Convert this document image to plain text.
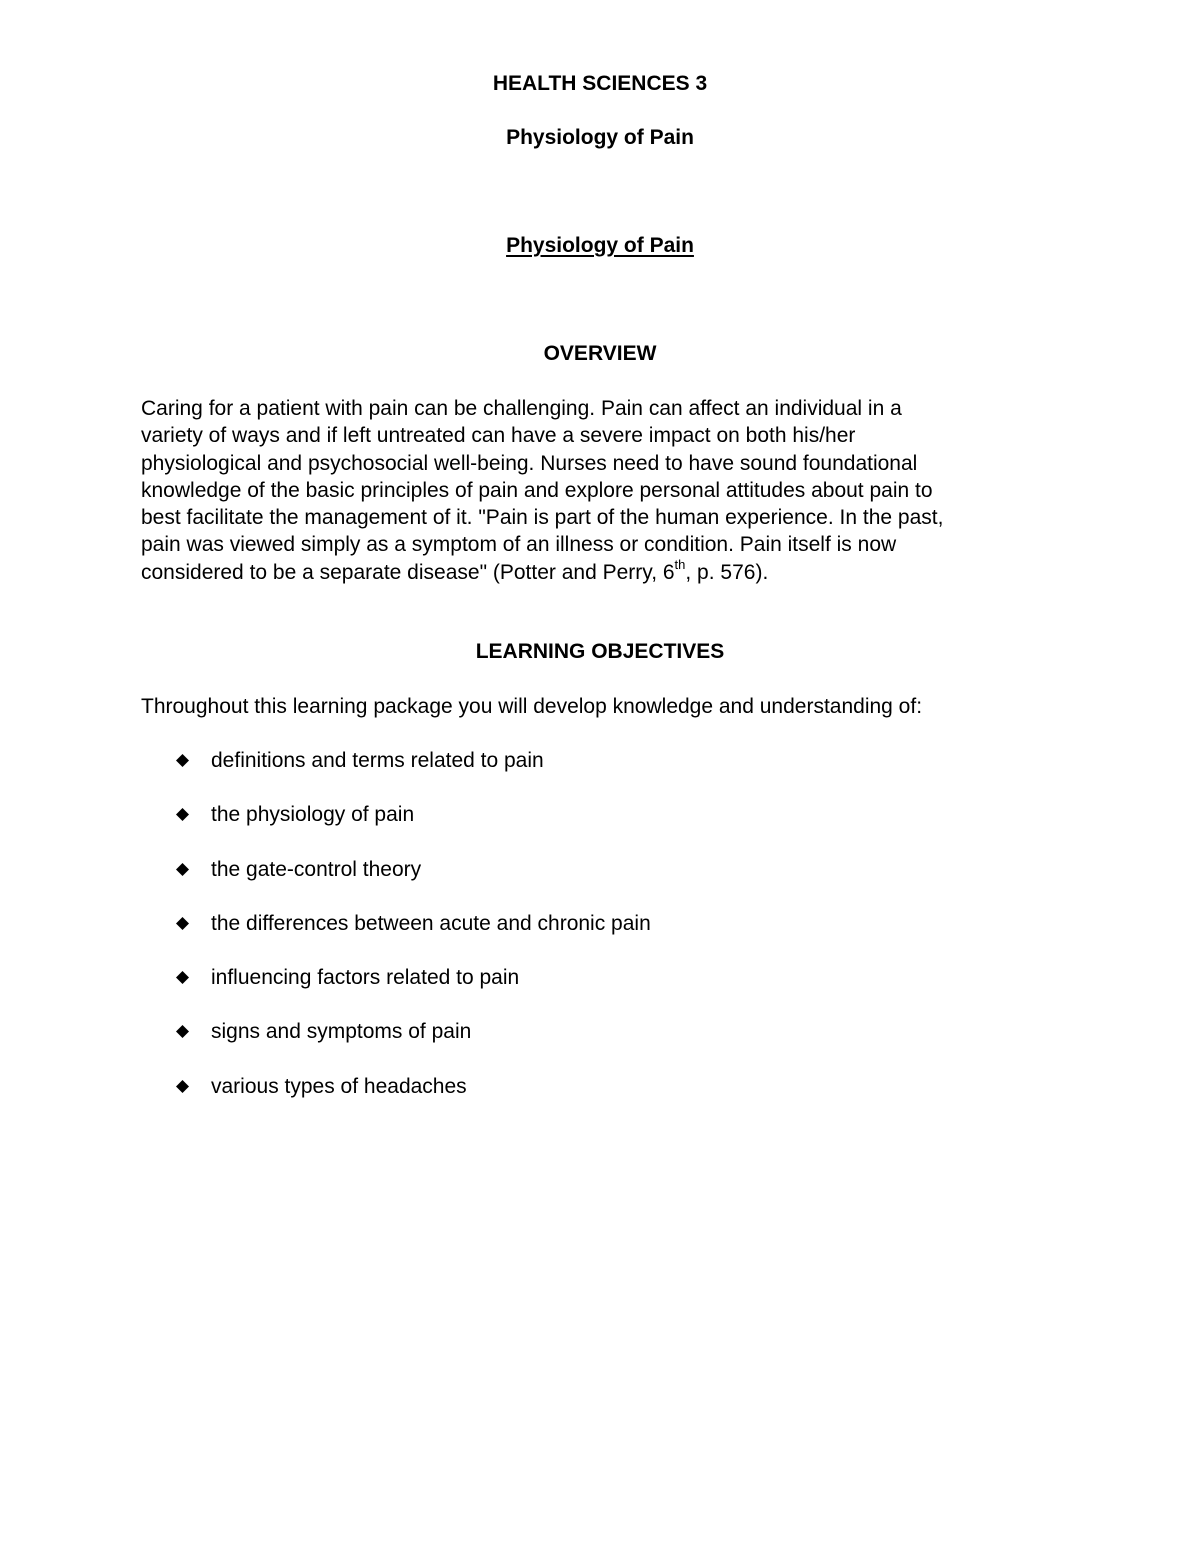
HEALTH SCIENCES 3
Physiology of Pain
Physiology of Pain
OVERVIEW
Caring for a patient with pain can be challenging. Pain can affect an individual in a
variety of ways and if left untreated can have a severe impact on both his/her
physiological and psychosocial well-being. Nurses need to have sound foundational
knowledge of the basic principles of pain and explore personal attitudes about pain to
best facilitate the management of it. "Pain is part of the human experience. In the past,
pain was viewed simply as a symptom of an illness or condition. Pain itself is now
considered to be a separate disease" (Potter and Perry, 6th, p. 576).
LEARNING OBJECTIVES
Throughout this learning package you will develop knowledge and understanding of:
definitions and terms related to pain
the physiology of pain
the gate-control theory
the differences between acute and chronic pain
influencing factors related to pain
signs and symptoms of pain
various types of headaches
